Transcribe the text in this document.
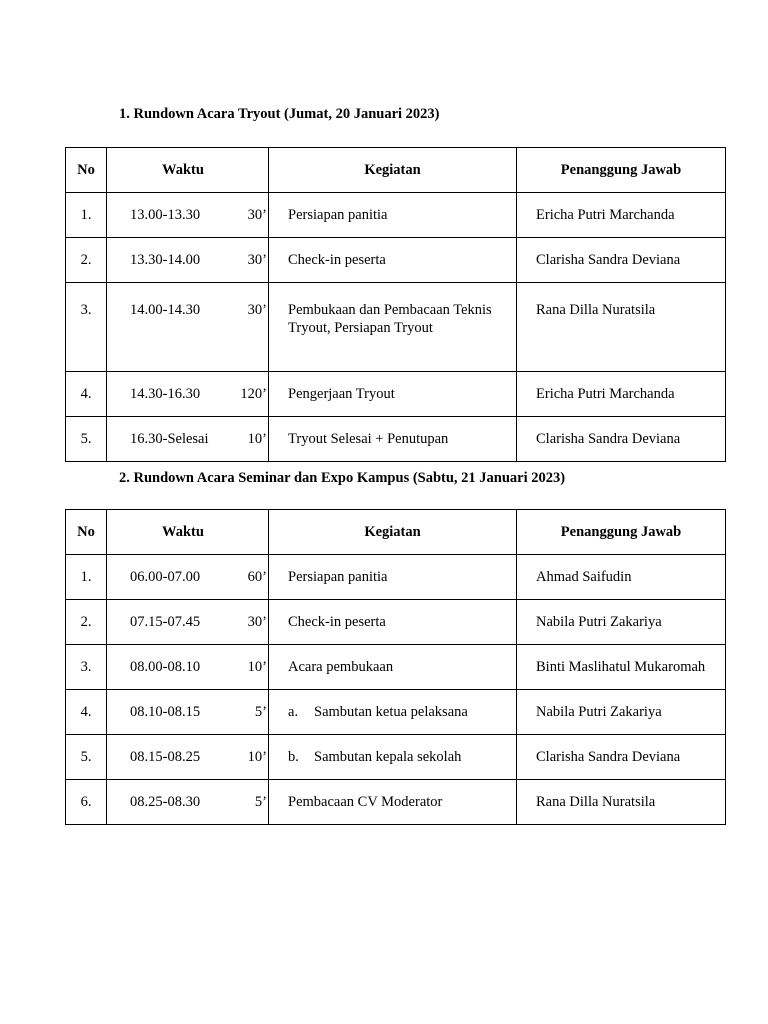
1. Rundown Acara Tryout (Jumat, 20 Januari 2023)
No	Waktu		Kegiatan	Penanggung Jawab
1.	13.00-13.30	30’	Persiapan panitia	Ericha Putri Marchanda
2.	13.30-14.00	30’	Check-in peserta	Clarisha Sandra Deviana
3.	14.00-14.30	30’	Pembukaan dan Pembacaan Teknis
Tryout, Persiapan Tryout	Rana Dilla Nuratsila
4.	14.30-16.30	120’	Pengerjaan Tryout	Ericha Putri Marchanda
5.	16.30-Selesai	10’	Tryout Selesai + Penutupan	Clarisha Sandra Deviana
2. Rundown Acara Seminar dan Expo Kampus (Sabtu, 21 Januari 2023)
No	Waktu		Kegiatan	Penanggung Jawab
1.	06.00-07.00	60’	Persiapan panitia	Ahmad Saifudin
2.	07.15-07.45	30’	Check-in peserta	Nabila Putri Zakariya
3.	08.00-08.10	10’	Acara pembukaan	Binti Maslihatul Mukaromah
4.	08.10-08.15	5’	a. Sambutan ketua pelaksana	Nabila Putri Zakariya
5.	08.15-08.25	10’	b. Sambutan kepala sekolah	Clarisha Sandra Deviana
6.	08.25-08.30	5’	Pembacaan CV Moderator	Rana Dilla Nuratsila
